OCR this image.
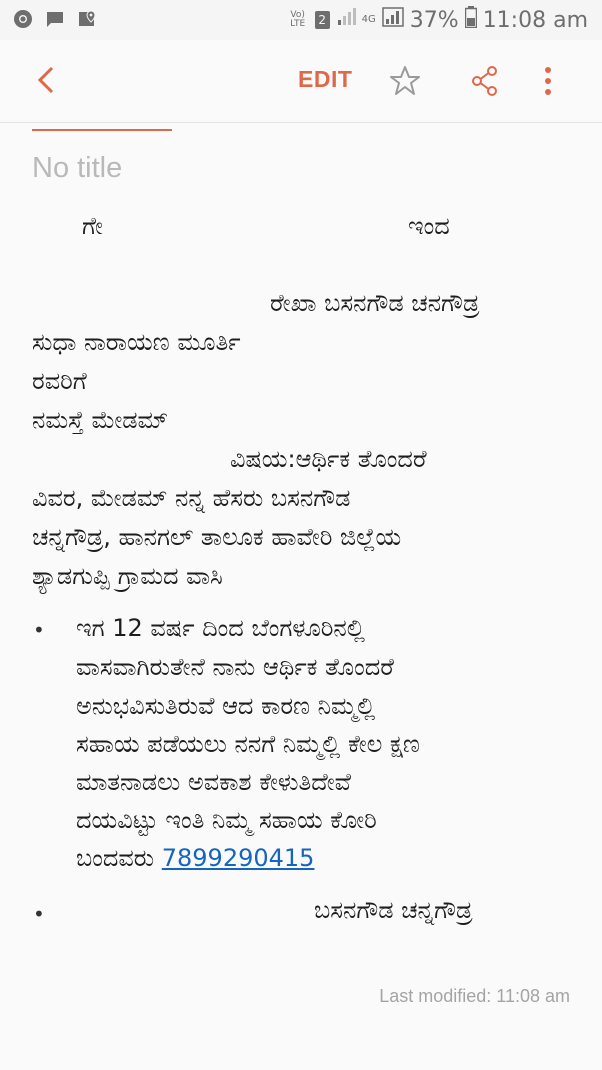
Vo) LTE	2	4G 37% 11:08 am
EDIT
No title
ಗೇ	ಇಂದ
ರೇಖಾ ಬಸನಗೌಡ ಚನಗೌಡ್ರ
ಸುಧಾ ನಾರಾಯಣ ಮೂರ್ತಿ
ರವರಿಗೆ
ನಮಸ್ತೆ ಮೇಡಮ್
ವಿಷಯ:ಆರ್ಥಿಕ ತೊಂದರೆ
ವಿವರ, ಮೇಡಮ್ ನನ್ನ ಹೆಸರು ಬಸನಗೌಡ
ಚನ್ನಗೌಡ್ರ, ಹಾನಗಲ್ ತಾಲೂಕ ಹಾವೇರಿ ಜಿಲ್ಲೆಯ
ಶ್ಯಾಡಗುಪ್ಪಿ ಗ್ರಾಮದ ವಾಸಿ
• ಇಗ 12 ವರ್ಷ ದಿಂದ ಬೆಂಗಳೂರಿನಲ್ಲಿ
ವಾಸವಾಗಿರುತೇನೆ ನಾನು ಆರ್ಥಿಕ ತೊಂದರೆ
ಅನುಭವಿಸುತಿರುವೆ ಆದ ಕಾರಣ ನಿಮ್ಮಲ್ಲಿ
ಸಹಾಯ ಪಡೆಯಲು ನನಗೆ ನಿಮ್ಮಲ್ಲಿ ಕೇಲ ಕ್ಷಣ
ಮಾತನಾಡಲು ಅವಕಾಶ ಕೇಳುತಿದೇವೆ
ದಯವಿಟ್ಟು ಇಂತಿ ನಿಮ್ಮ ಸಹಾಯ ಕೋರಿ
ಬಂದವರು 7899290415
•	ಬಸನಗೌಡ ಚನ್ನಗೌಡ್ರ
Last modified: 11:08 am
